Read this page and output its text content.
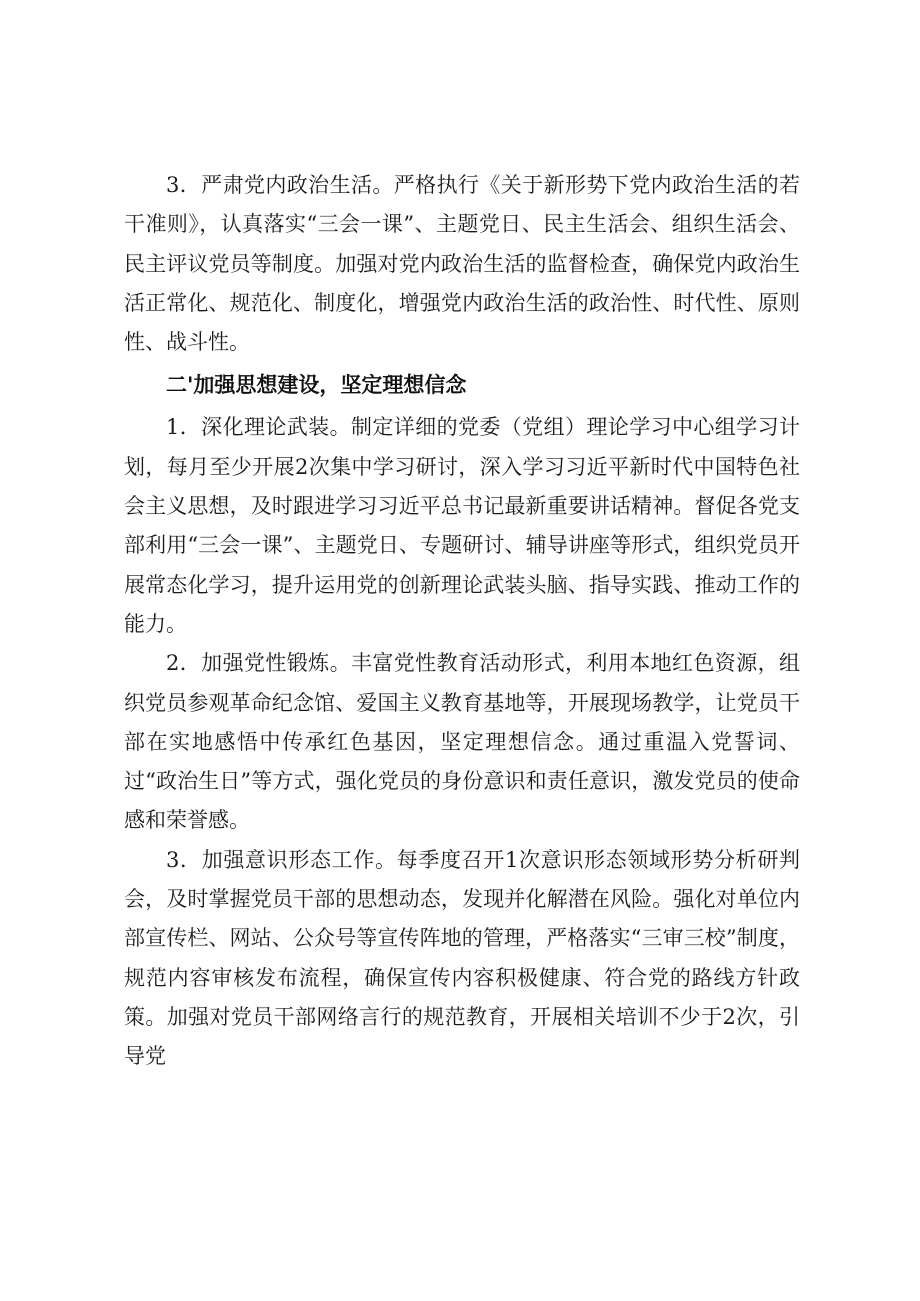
3．严肃党内政治生活。严格执行《关于新形势下党内政治生活的若干准则》，认真落实“三会一课”、主题党日、民主生活会、组织生活会、民主评议党员等制度。加强对党内政治生活的监督检查，确保党内政治生活正常化、规范化、制度化，增强党内政治生活的政治性、时代性、原则性、战斗性。

二'加强思想建设，坚定理想信念

1．深化理论武装。制定详细的党委（党组）理论学习中心组学习计划，每月至少开展2次集中学习研讨，深入学习习近平新时代中国特色社会主义思想，及时跟进学习习近平总书记最新重要讲话精神。督促各党支部利用“三会一课”、主题党日、专题研讨、辅导讲座等形式，组织党员开展常态化学习，提升运用党的创新理论武装头脑、指导实践、推动工作的能力。

2．加强党性锻炼。丰富党性教育活动形式，利用本地红色资源，组织党员参观革命纪念馆、爱国主义教育基地等，开展现场教学，让党员干部在实地感悟中传承红色基因，坚定理想信念。通过重温入党誓词、过“政治生日”等方式，强化党员的身份意识和责任意识，激发党员的使命感和荣誉感。

3．加强意识形态工作。每季度召开1次意识形态领域形势分析研判会，及时掌握党员干部的思想动态，发现并化解潜在风险。强化对单位内部宣传栏、网站、公众号等宣传阵地的管理，严格落实“三审三校”制度，规范内容审核发布流程，确保宣传内容积极健康、符合党的路线方针政策。加强对党员干部网络言行的规范教育，开展相关培训不少于2次，引导党
